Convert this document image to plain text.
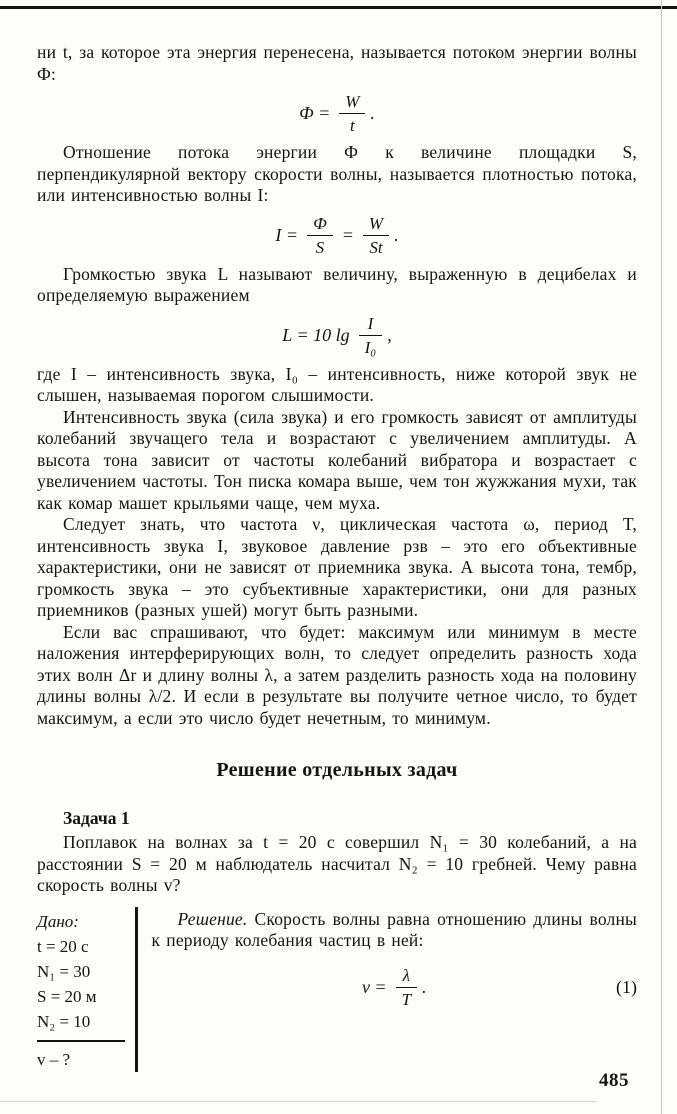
ни t, за которое эта энергия перенесена, называется потоком энергии волны Ф:

$Ф = \frac{W}{t}$ .

Отношение потока энергии Ф к величине площадки S, перпендикулярной вектору скорости волны, называется плотностью потока, или интенсивностью волны I:

$I = \frac{Ф}{S} = \frac{W}{St}$ .

Громкостью звука L называют величину, выраженную в децибелах и определяемую выражением

L = 10 $\lg \frac{I}{\text{I₀}}$ ,

где I – интенсивность звука, I₀ – интенсивность, ниже которой звук не слышен, называемая порогом слышимости.

Интенсивность звука (сила звука) и его громкость зависят от амплитуды колебаний звучащего тела и возрастают с увеличением амплитуды. А высота тона зависит от частоты колебаний вибратора и возрастает с увеличением частоты. Тон писка комара выше, чем тон жужжания мухи, так как комар машет крыльями чаще, чем муха.

Следует знать, что частота ν, циклическая частота ω, период T, интенсивность звука I, звуковое давление pзв – это его объективные характеристики, они не зависят от приемника звука. А высота тона, тембр, громкость звука – это субъективные характеристики, они для разных приемников (разных ушей) могут быть разными.

Если вас спрашивают, что будет: максимум или минимум в месте наложения интерферирующих волн, то следует определить разность хода этих волн Δr и длину волны λ, а затем разделить разность хода на половину длины волны λ/2. И если в результате вы получите четное число, то будет максимум, а если это число будет нечетным, то минимум.

Решение отдельных задач

Задача 1

Поплавок на волнах за t = 20 с совершил N₁ = 30 колебаний, а на расстоянии S = 20 м наблюдатель насчитал N₂ = 10 гребней. Чему равна скорость волны v?

Дано:
t = 20 с
N₁ = 30
S = 20 м
N₂ = 10
v – ?

Решение. Скорость волны равна отношению длины волны к периоду колебания частиц в ней:

$v = \frac{\lambda}{T}$ .	(1)
485
